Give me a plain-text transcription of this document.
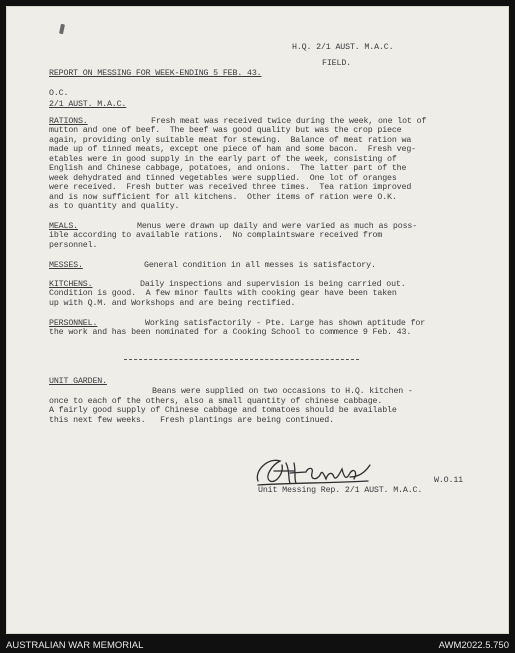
H.Q. 2/1 AUST. M.A.C.
FIELD.
REPORT ON MESSING FOR WEEK-ENDING 5 FEB. 43.
O.C.
2/1 AUST. M.A.C.
RATIONS.	Fresh meat was received twice during the week, one lot of
mutton and one of beef.  The beef was good quality but was the crop piece
again, providing only suitable meat for stewing.  Balance of meat ration wa
made up of tinned meats, except one piece of ham and some bacon.  Fresh veg-
etables were in good supply in the early part of the week, consisting of
English and Chinese cabbage, potatoes, and onions.  The latter part of the
week dehydrated and tinned vegetables were supplied.  One lot of oranges
were received.  Fresh butter was received three times.  Tea ration improved
and is now sufficient for all kitchens.  Other items of ration were O.K.
as to quantity and quality.
MEALS.	Menus were drawn up daily and were varied as much as poss-
ible according to available rations.  No complaintsware received from
personnel.
MESSES.	General condition in all messes is satisfactory.
KITCHENS.	Daily inspections and supervision is being carried out.
Condition is good.  A few minor faults with cooking gear have been taken
up with Q.M. and Workshops and are being rectified.
PERSONNEL.	Working satisfactorily - Pte. Large has shown aptitude for
the work and has been nominated for a Cooking School to commence 9 Feb. 43.
UNIT GARDEN.
Beans were supplied on two occasions to H.Q. kitchen -
once to each of the others, also a small quantity of chinese cabbage.
A fairly good supply of Chinese cabbage and tomatoes should be available
this next few weeks.   Fresh plantings are being continued.
W.O.11
Unit Messing Rep. 2/1 AUST. M.A.C.
AUSTRALIAN WAR MEMORIAL	AWM2022.5.750
